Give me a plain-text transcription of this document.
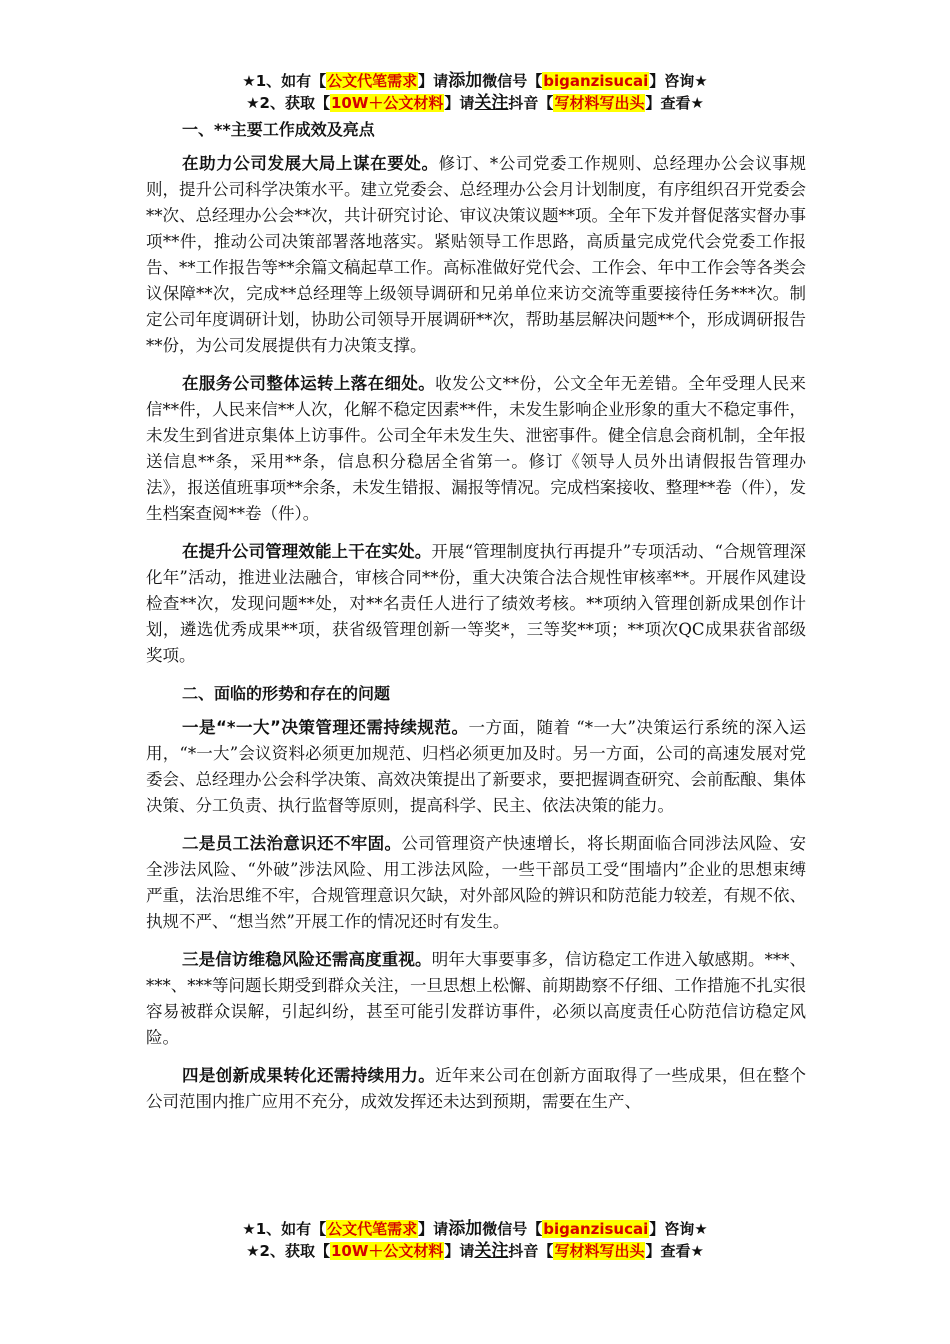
★1、如有【公文代笔需求】请添加微信号【biganzisucai】咨询★
★2、获取【10W＋公文材料】请关注抖音【写材料写出头】查看★
一、**主要工作成效及亮点

在助力公司发展大局上谋在要处。修订、*公司党委工作规则、总经理办公会议事规则，提升公司科学决策水平。建立党委会、总经理办公会月计划制度，有序组织召开党委会**次、总经理办公会**次，共计研究讨论、审议决策议题**项。全年下发并督促落实督办事项**件，推动公司决策部署落地落实。紧贴领导工作思路，高质量完成党代会党委工作报告、**工作报告等**余篇文稿起草工作。高标准做好党代会、工作会、年中工作会等各类会议保障**次，完成**总经理等上级领导调研和兄弟单位来访交流等重要接待任务***次。制定公司年度调研计划，协助公司领导开展调研**次，帮助基层解决问题**个，形成调研报告**份，为公司发展提供有力决策支撑。

在服务公司整体运转上落在细处。收发公文**份，公文全年无差错。全年受理人民来信**件，人民来信**人次，化解不稳定因素**件，未发生影响企业形象的重大不稳定事件，未发生到省进京集体上访事件。公司全年未发生失、泄密事件。健全信息会商机制，全年报送信息**条，采用**条，信息积分稳居全省第一。修订《领导人员外出请假报告管理办法》，报送值班事项**余条，未发生错报、漏报等情况。完成档案接收、整理**卷（件），发生档案查阅**卷（件）。

在提升公司管理效能上干在实处。开展“管理制度执行再提升”专项活动、“合规管理深化年”活动，推进业法融合，审核合同**份，重大决策合法合规性审核率**。开展作风建设检查**次，发现问题**处，对**名责任人进行了绩效考核。**项纳入管理创新成果创作计划，遴选优秀成果**项，获省级管理创新一等奖*，三等奖**项；**项次QC成果获省部级奖项。

二、面临的形势和存在的问题

一是“*一大”决策管理还需持续规范。一方面，随着 “*一大”决策运行系统的深入运用，“*一大”会议资料必须更加规范、归档必须更加及时。另一方面，公司的高速发展对党委会、总经理办公会科学决策、高效决策提出了新要求，要把握调查研究、会前酝酿、集体决策、分工负责、执行监督等原则，提高科学、民主、依法决策的能力。

二是员工法治意识还不牢固。公司管理资产快速增长，将长期面临合同涉法风险、安全涉法风险、“外破”涉法风险、用工涉法风险，一些干部员工受“围墙内”企业的思想束缚严重，法治思维不牢，合规管理意识欠缺，对外部风险的辨识和防范能力较差，有规不依、执规不严、“想当然”开展工作的情况还时有发生。

三是信访维稳风险还需高度重视。明年大事要事多，信访稳定工作进入敏感期。***、***、***等问题长期受到群众关注，一旦思想上松懈、前期勘察不仔细、工作措施不扎实很容易被群众误解，引起纠纷，甚至可能引发群访事件，必须以高度责任心防范信访稳定风险。

四是创新成果转化还需持续用力。近年来公司在创新方面取得了一些成果，但在整个公司范围内推广应用不充分，成效发挥还未达到预期，需要在生产、

★1、如有【公文代笔需求】请添加微信号【biganzisucai】咨询★
★2、获取【10W＋公文材料】请关注抖音【写材料写出头】查看★
